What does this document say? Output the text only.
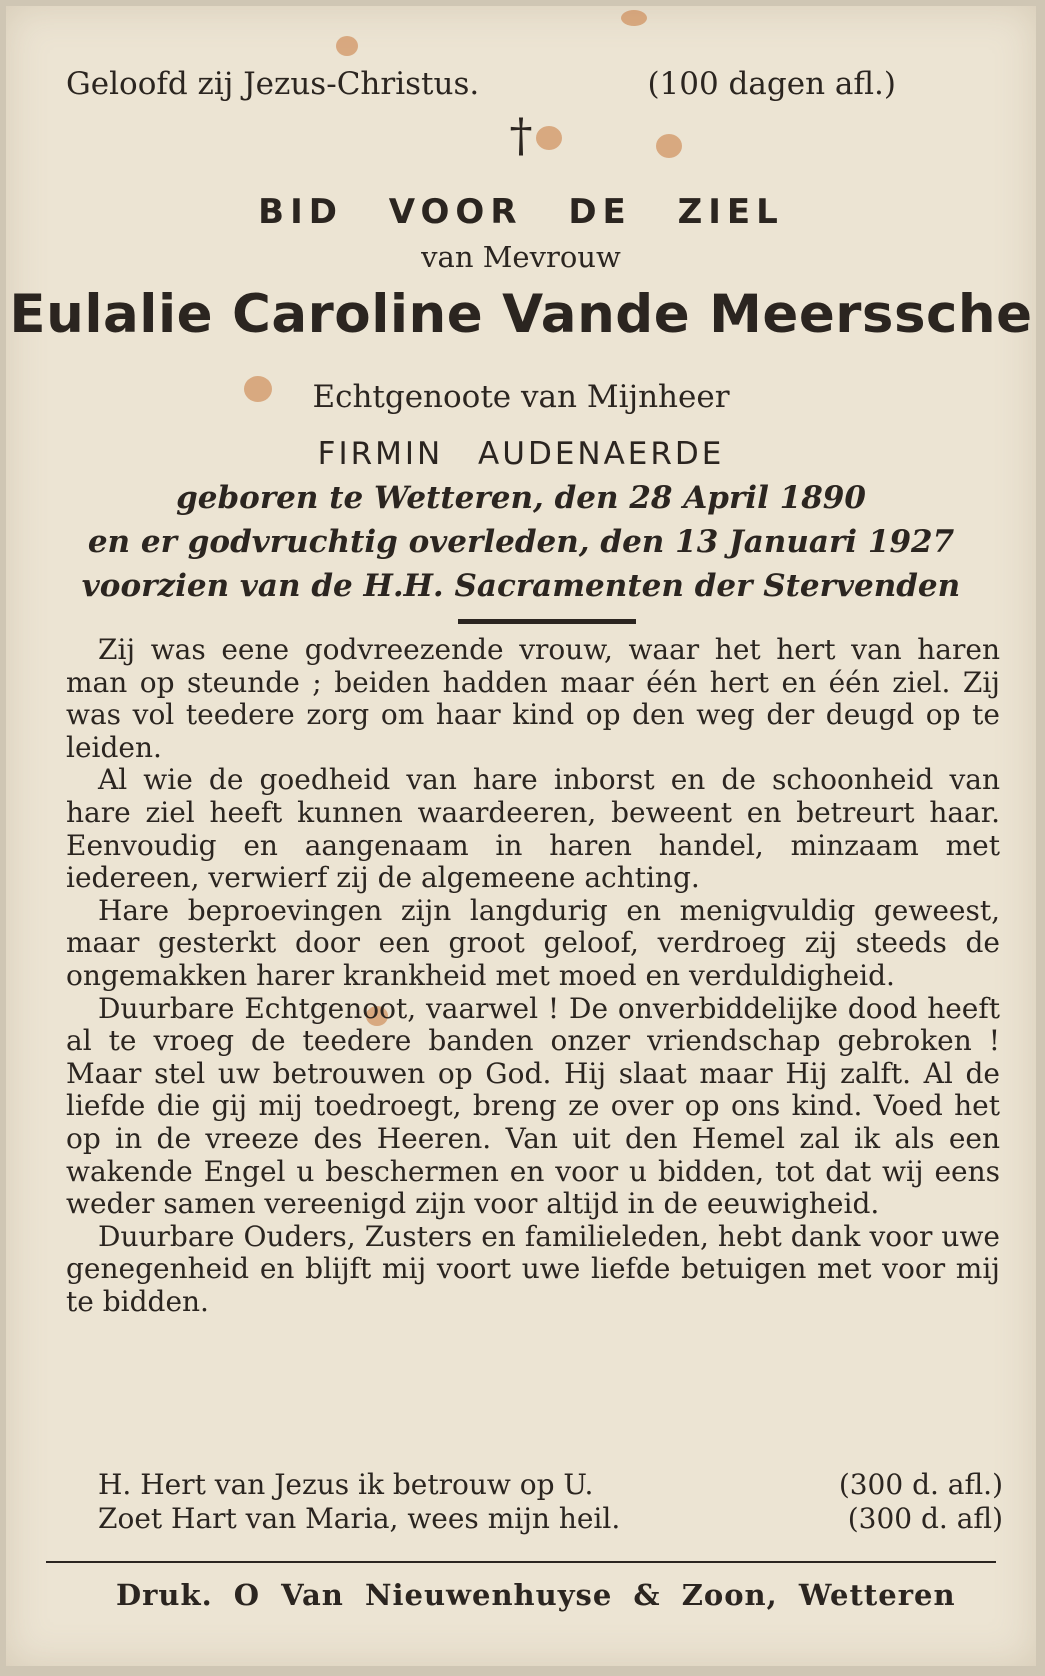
Geloofd zij Jezus-Christus.	(100 dagen afl.)
†
BID VOOR DE ZIEL
van Mevrouw
Eulalie Caroline Vande Meerssche
Echtgenoote van Mijnheer
FIRMIN AUDENAERDE
geboren te Wetteren, den 28 April 1890
en er godvruchtig overleden, den 13 Januari 1927
voorzien van de H.H. Sacramenten der Stervenden

Zij was eene godvreezende vrouw, waar het hert van haren man op steunde ; beiden hadden maar één hert en één ziel. Zij was vol teedere zorg om haar kind op den weg der deugd op te leiden.

Al wie de goedheid van hare inborst en de schoonheid van hare ziel heeft kunnen waardeeren, beweent en betreurt haar. Eenvoudig en aangenaam in haren handel, minzaam met iedereen, verwierf zij de algemeene achting.

Hare beproevingen zijn langdurig en menigvuldig geweest, maar gesterkt door een groot geloof, verdroeg zij steeds de ongemakken harer krankheid met moed en verduldigheid.

Duurbare Echtgenoot, vaarwel ! De onverbiddelijke dood heeft al te vroeg de teedere banden onzer vriendschap gebroken ! Maar stel uw betrouwen op God. Hij slaat maar Hij zalft. Al de liefde die gij mij toedroegt, breng ze over op ons kind. Voed het op in de vreeze des Heeren. Van uit den Hemel zal ik als een wakende Engel u beschermen en voor u bidden, tot dat wij eens weder samen vereenigd zijn voor altijd in de eeuwigheid.

Duurbare Ouders, Zusters en familieleden, hebt dank voor uwe genegenheid en blijft mij voort uwe liefde betuigen met voor mij te bidden.

H. Hert van Jezus ik betrouw op U.	(300 d. afl.)
Zoet Hart van Maria, wees mijn heil.	(300 d. afl)
Druk. O Van Nieuwenhuyse & Zoon, Wetteren
